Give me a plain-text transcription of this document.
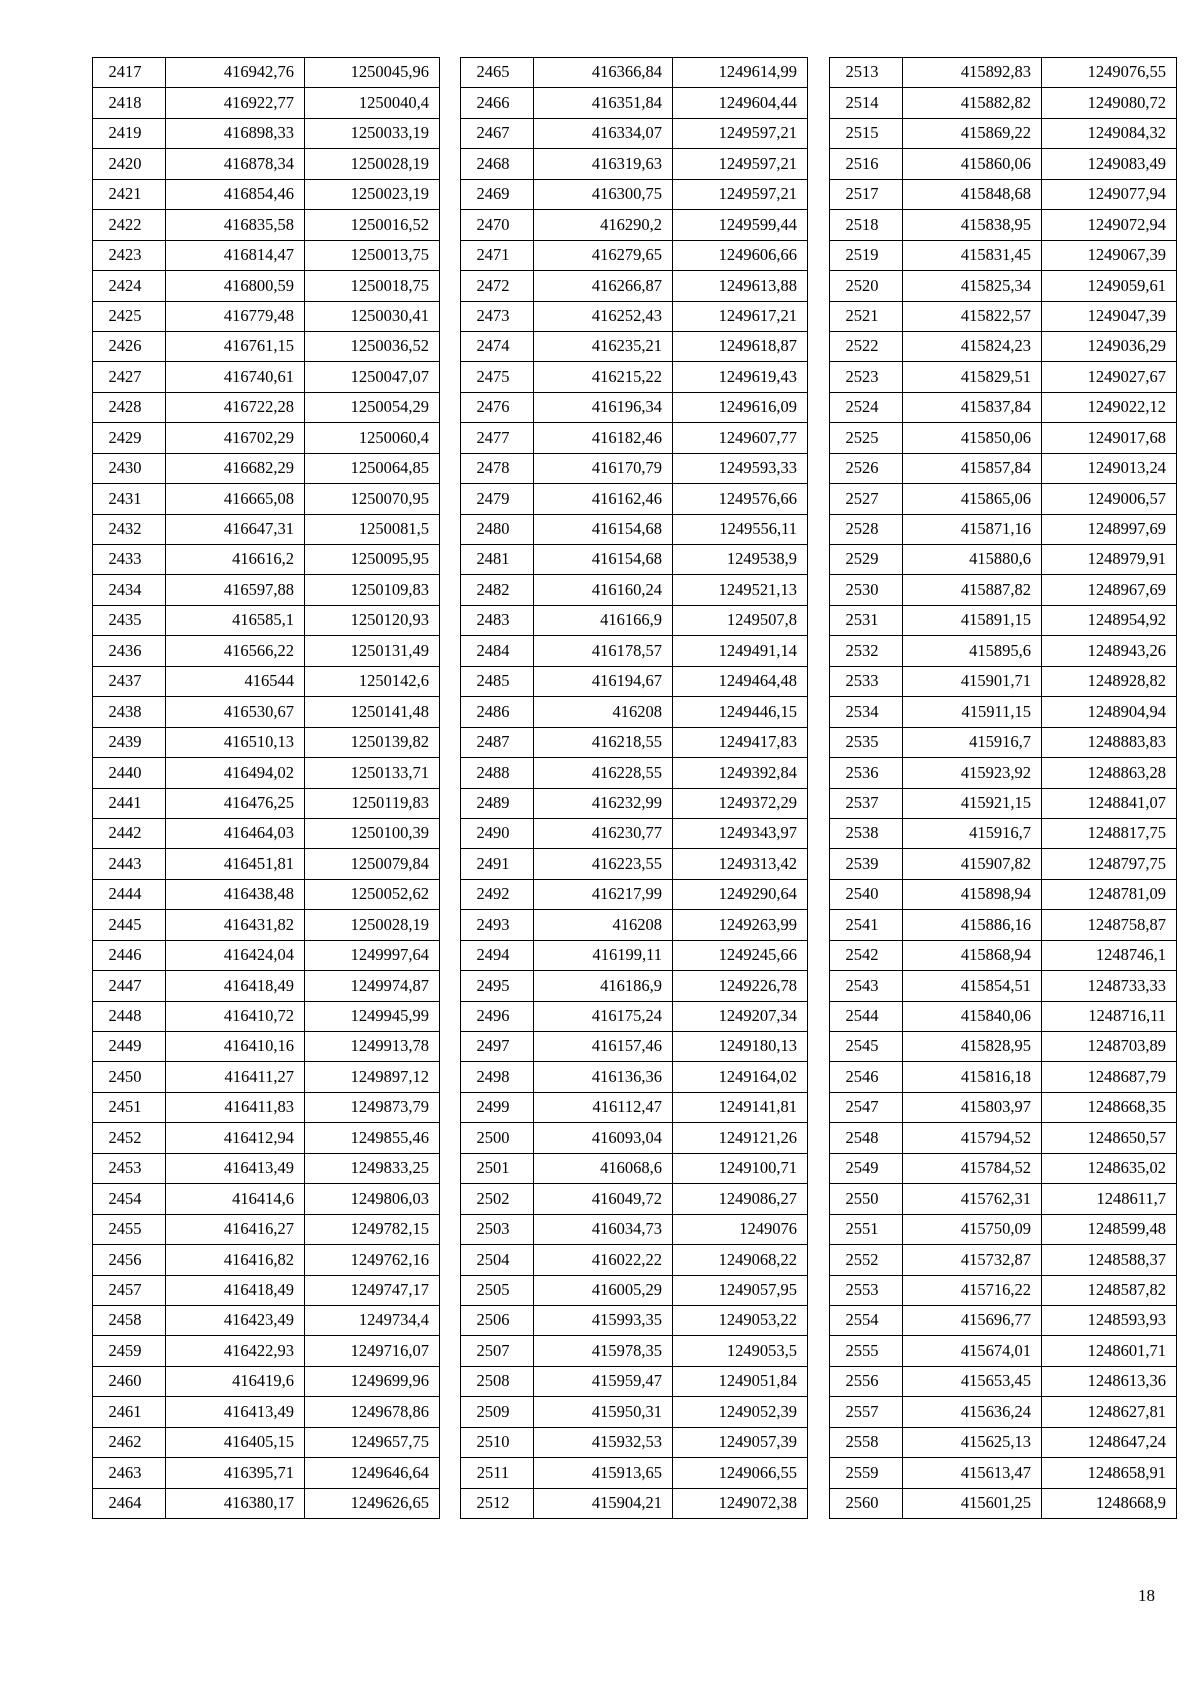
2417	416942,76	1250045,96
2418	416922,77	1250040,4
2419	416898,33	1250033,19
2420	416878,34	1250028,19
2421	416854,46	1250023,19
2422	416835,58	1250016,52
2423	416814,47	1250013,75
2424	416800,59	1250018,75
2425	416779,48	1250030,41
2426	416761,15	1250036,52
2427	416740,61	1250047,07
2428	416722,28	1250054,29
2429	416702,29	1250060,4
2430	416682,29	1250064,85
2431	416665,08	1250070,95
2432	416647,31	1250081,5
2433	416616,2	1250095,95
2434	416597,88	1250109,83
2435	416585,1	1250120,93
2436	416566,22	1250131,49
2437	416544	1250142,6
2438	416530,67	1250141,48
2439	416510,13	1250139,82
2440	416494,02	1250133,71
2441	416476,25	1250119,83
2442	416464,03	1250100,39
2443	416451,81	1250079,84
2444	416438,48	1250052,62
2445	416431,82	1250028,19
2446	416424,04	1249997,64
2447	416418,49	1249974,87
2448	416410,72	1249945,99
2449	416410,16	1249913,78
2450	416411,27	1249897,12
2451	416411,83	1249873,79
2452	416412,94	1249855,46
2453	416413,49	1249833,25
2454	416414,6	1249806,03
2455	416416,27	1249782,15
2456	416416,82	1249762,16
2457	416418,49	1249747,17
2458	416423,49	1249734,4
2459	416422,93	1249716,07
2460	416419,6	1249699,96
2461	416413,49	1249678,86
2462	416405,15	1249657,75
2463	416395,71	1249646,64
2464	416380,17	1249626,65
2465	416366,84	1249614,99
2466	416351,84	1249604,44
2467	416334,07	1249597,21
2468	416319,63	1249597,21
2469	416300,75	1249597,21
2470	416290,2	1249599,44
2471	416279,65	1249606,66
2472	416266,87	1249613,88
2473	416252,43	1249617,21
2474	416235,21	1249618,87
2475	416215,22	1249619,43
2476	416196,34	1249616,09
2477	416182,46	1249607,77
2478	416170,79	1249593,33
2479	416162,46	1249576,66
2480	416154,68	1249556,11
2481	416154,68	1249538,9
2482	416160,24	1249521,13
2483	416166,9	1249507,8
2484	416178,57	1249491,14
2485	416194,67	1249464,48
2486	416208	1249446,15
2487	416218,55	1249417,83
2488	416228,55	1249392,84
2489	416232,99	1249372,29
2490	416230,77	1249343,97
2491	416223,55	1249313,42
2492	416217,99	1249290,64
2493	416208	1249263,99
2494	416199,11	1249245,66
2495	416186,9	1249226,78
2496	416175,24	1249207,34
2497	416157,46	1249180,13
2498	416136,36	1249164,02
2499	416112,47	1249141,81
2500	416093,04	1249121,26
2501	416068,6	1249100,71
2502	416049,72	1249086,27
2503	416034,73	1249076
2504	416022,22	1249068,22
2505	416005,29	1249057,95
2506	415993,35	1249053,22
2507	415978,35	1249053,5
2508	415959,47	1249051,84
2509	415950,31	1249052,39
2510	415932,53	1249057,39
2511	415913,65	1249066,55
2512	415904,21	1249072,38
2513	415892,83	1249076,55
2514	415882,82	1249080,72
2515	415869,22	1249084,32
2516	415860,06	1249083,49
2517	415848,68	1249077,94
2518	415838,95	1249072,94
2519	415831,45	1249067,39
2520	415825,34	1249059,61
2521	415822,57	1249047,39
2522	415824,23	1249036,29
2523	415829,51	1249027,67
2524	415837,84	1249022,12
2525	415850,06	1249017,68
2526	415857,84	1249013,24
2527	415865,06	1249006,57
2528	415871,16	1248997,69
2529	415880,6	1248979,91
2530	415887,82	1248967,69
2531	415891,15	1248954,92
2532	415895,6	1248943,26
2533	415901,71	1248928,82
2534	415911,15	1248904,94
2535	415916,7	1248883,83
2536	415923,92	1248863,28
2537	415921,15	1248841,07
2538	415916,7	1248817,75
2539	415907,82	1248797,75
2540	415898,94	1248781,09
2541	415886,16	1248758,87
2542	415868,94	1248746,1
2543	415854,51	1248733,33
2544	415840,06	1248716,11
2545	415828,95	1248703,89
2546	415816,18	1248687,79
2547	415803,97	1248668,35
2548	415794,52	1248650,57
2549	415784,52	1248635,02
2550	415762,31	1248611,7
2551	415750,09	1248599,48
2552	415732,87	1248588,37
2553	415716,22	1248587,82
2554	415696,77	1248593,93
2555	415674,01	1248601,71
2556	415653,45	1248613,36
2557	415636,24	1248627,81
2558	415625,13	1248647,24
2559	415613,47	1248658,91
2560	415601,25	1248668,9
18
